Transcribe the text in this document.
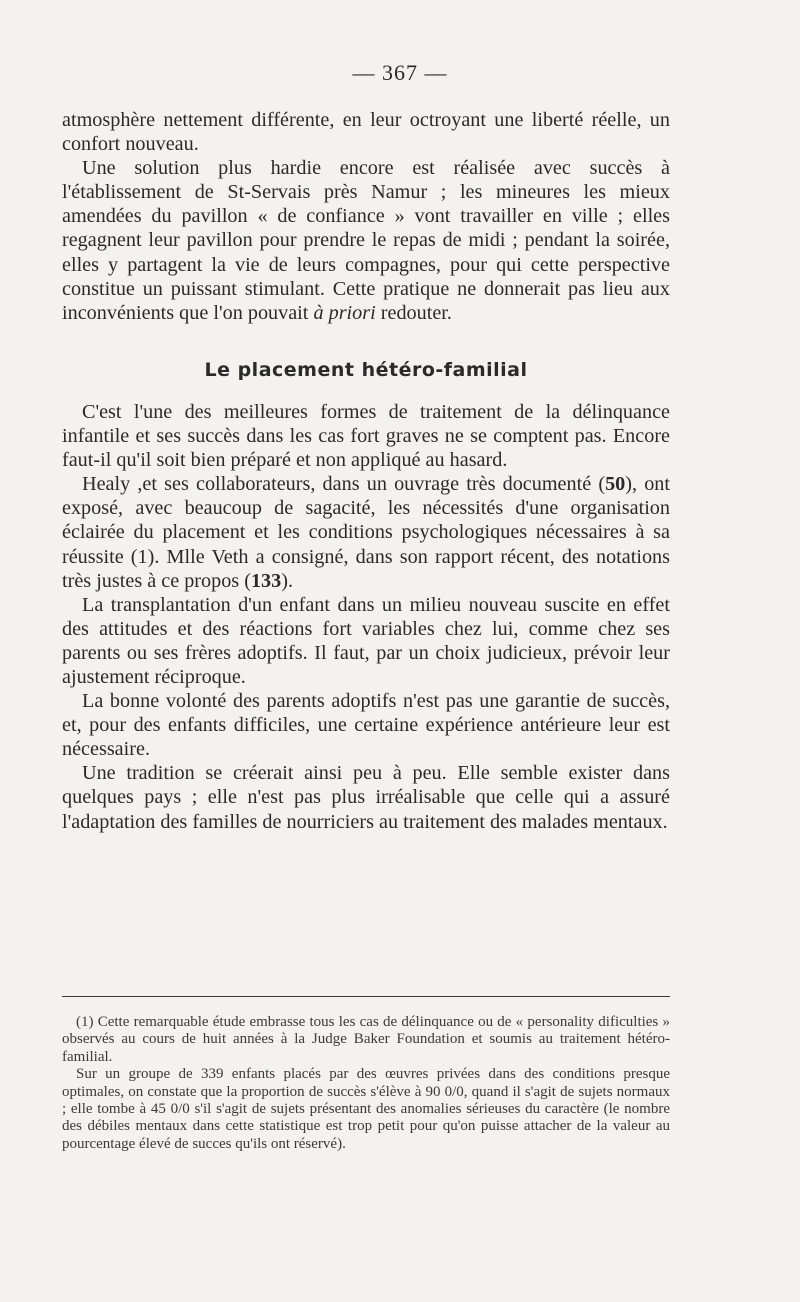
— 367 —

atmosphère nettement différente, en leur octroyant une liberté réelle, un confort nouveau.

Une solution plus hardie encore est réalisée avec succès à l'établissement de St-Servais près Namur ; les mineures les mieux amendées du pavillon « de confiance » vont travailler en ville ; elles regagnent leur pavillon pour prendre le repas de midi ; pendant la soirée, elles y partagent la vie de leurs compagnes, pour qui cette perspective constitue un puissant stimulant. Cette pratique ne donnerait pas lieu aux inconvénients que l'on pouvait à priori redouter.

Le placement hétéro-familial

C'est l'une des meilleures formes de traitement de la délinquance infantile et ses succès dans les cas fort graves ne se comptent pas. Encore faut-il qu'il soit bien préparé et non appliqué au hasard.

Healy ,et ses collaborateurs, dans un ouvrage très documenté (50), ont exposé, avec beaucoup de sagacité, les nécessités d'une organisation éclairée du placement et les conditions psychologiques nécessaires à sa réussite (1). Mlle Veth a consigné, dans son rapport récent, des notations très justes à ce propos (133).

La transplantation d'un enfant dans un milieu nouveau suscite en effet des attitudes et des réactions fort variables chez lui, comme chez ses parents ou ses frères adoptifs. Il faut, par un choix judicieux, prévoir leur ajustement réciproque.

La bonne volonté des parents adoptifs n'est pas une garantie de succès, et, pour des enfants difficiles, une certaine expérience antérieure leur est nécessaire.

Une tradition se créerait ainsi peu à peu. Elle semble exister dans quelques pays ; elle n'est pas plus irréalisable que celle qui a assuré l'adaptation des familles de nourriciers au traitement des malades mentaux.

(1) Cette remarquable étude embrasse tous les cas de délinquance ou de « personality dificulties » observés au cours de huit années à la Judge Baker Foundation et soumis au traitement hétéro-familial.

Sur un groupe de 339 enfants placés par des œuvres privées dans des conditions presque optimales, on constate que la proportion de succès s'élève à 90 0/0, quand il s'agit de sujets normaux ; elle tombe à 45 0/0 s'il s'agit de sujets présentant des anomalies sérieuses du caractère (le nombre des débiles mentaux dans cette statistique est trop petit pour qu'on puisse attacher de la valeur au pourcentage élevé de succes qu'ils ont réservé).
